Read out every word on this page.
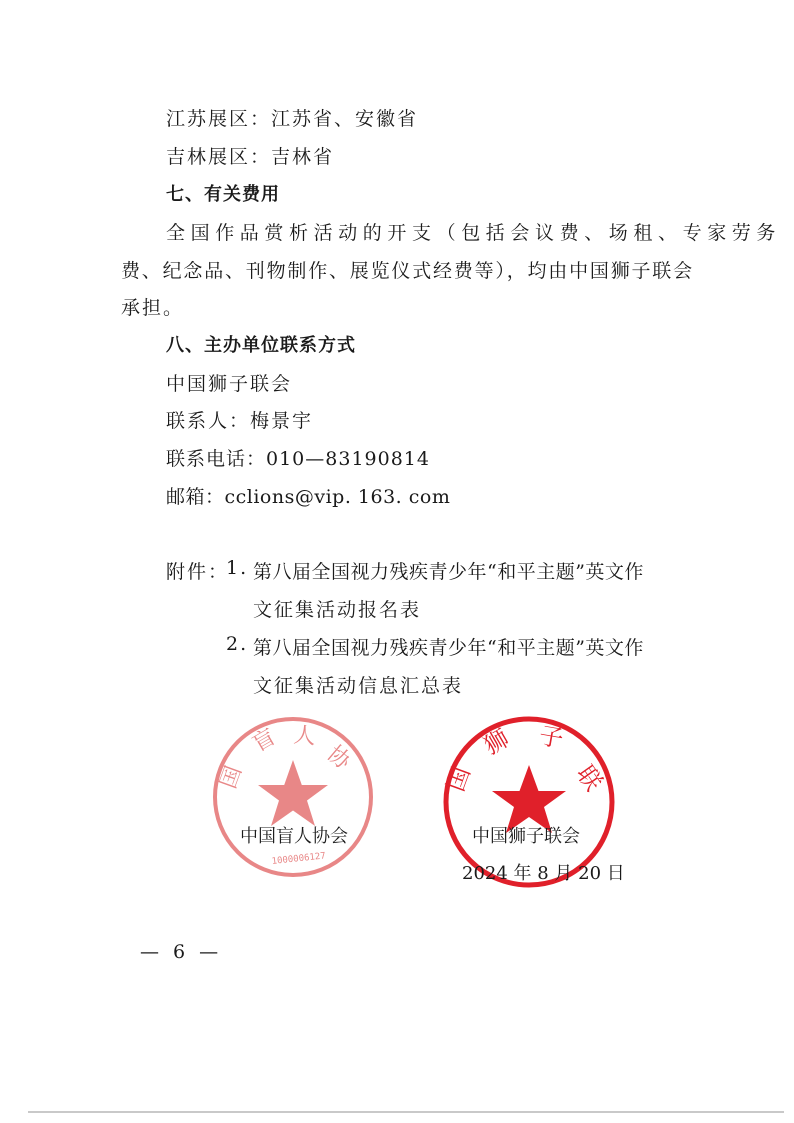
江苏展区：江苏省、安徽省
吉林展区：吉林省
七、有关费用
全国作品赏析活动的开支（包括会议费、场租、专家劳务
费、纪念品、刊物制作、展览仪式经费等），均由中国狮子联会
承担。
八、主办单位联系方式
中国狮子联会
联系人：梅景宇
联系电话：010—83190814
邮箱：cclions@vip. 163. com
附件：
1. 第八届全国视力残疾青少年“和平主题”英文作
文征集活动报名表
2. 第八届全国视力残疾青少年“和平主题”英文作
文征集活动信息汇总表
国
盲 人
协
1000006127
国
狮 子
联
中国盲人协会	中国狮子联会
2024 年 8 月 20 日
— 6 —
